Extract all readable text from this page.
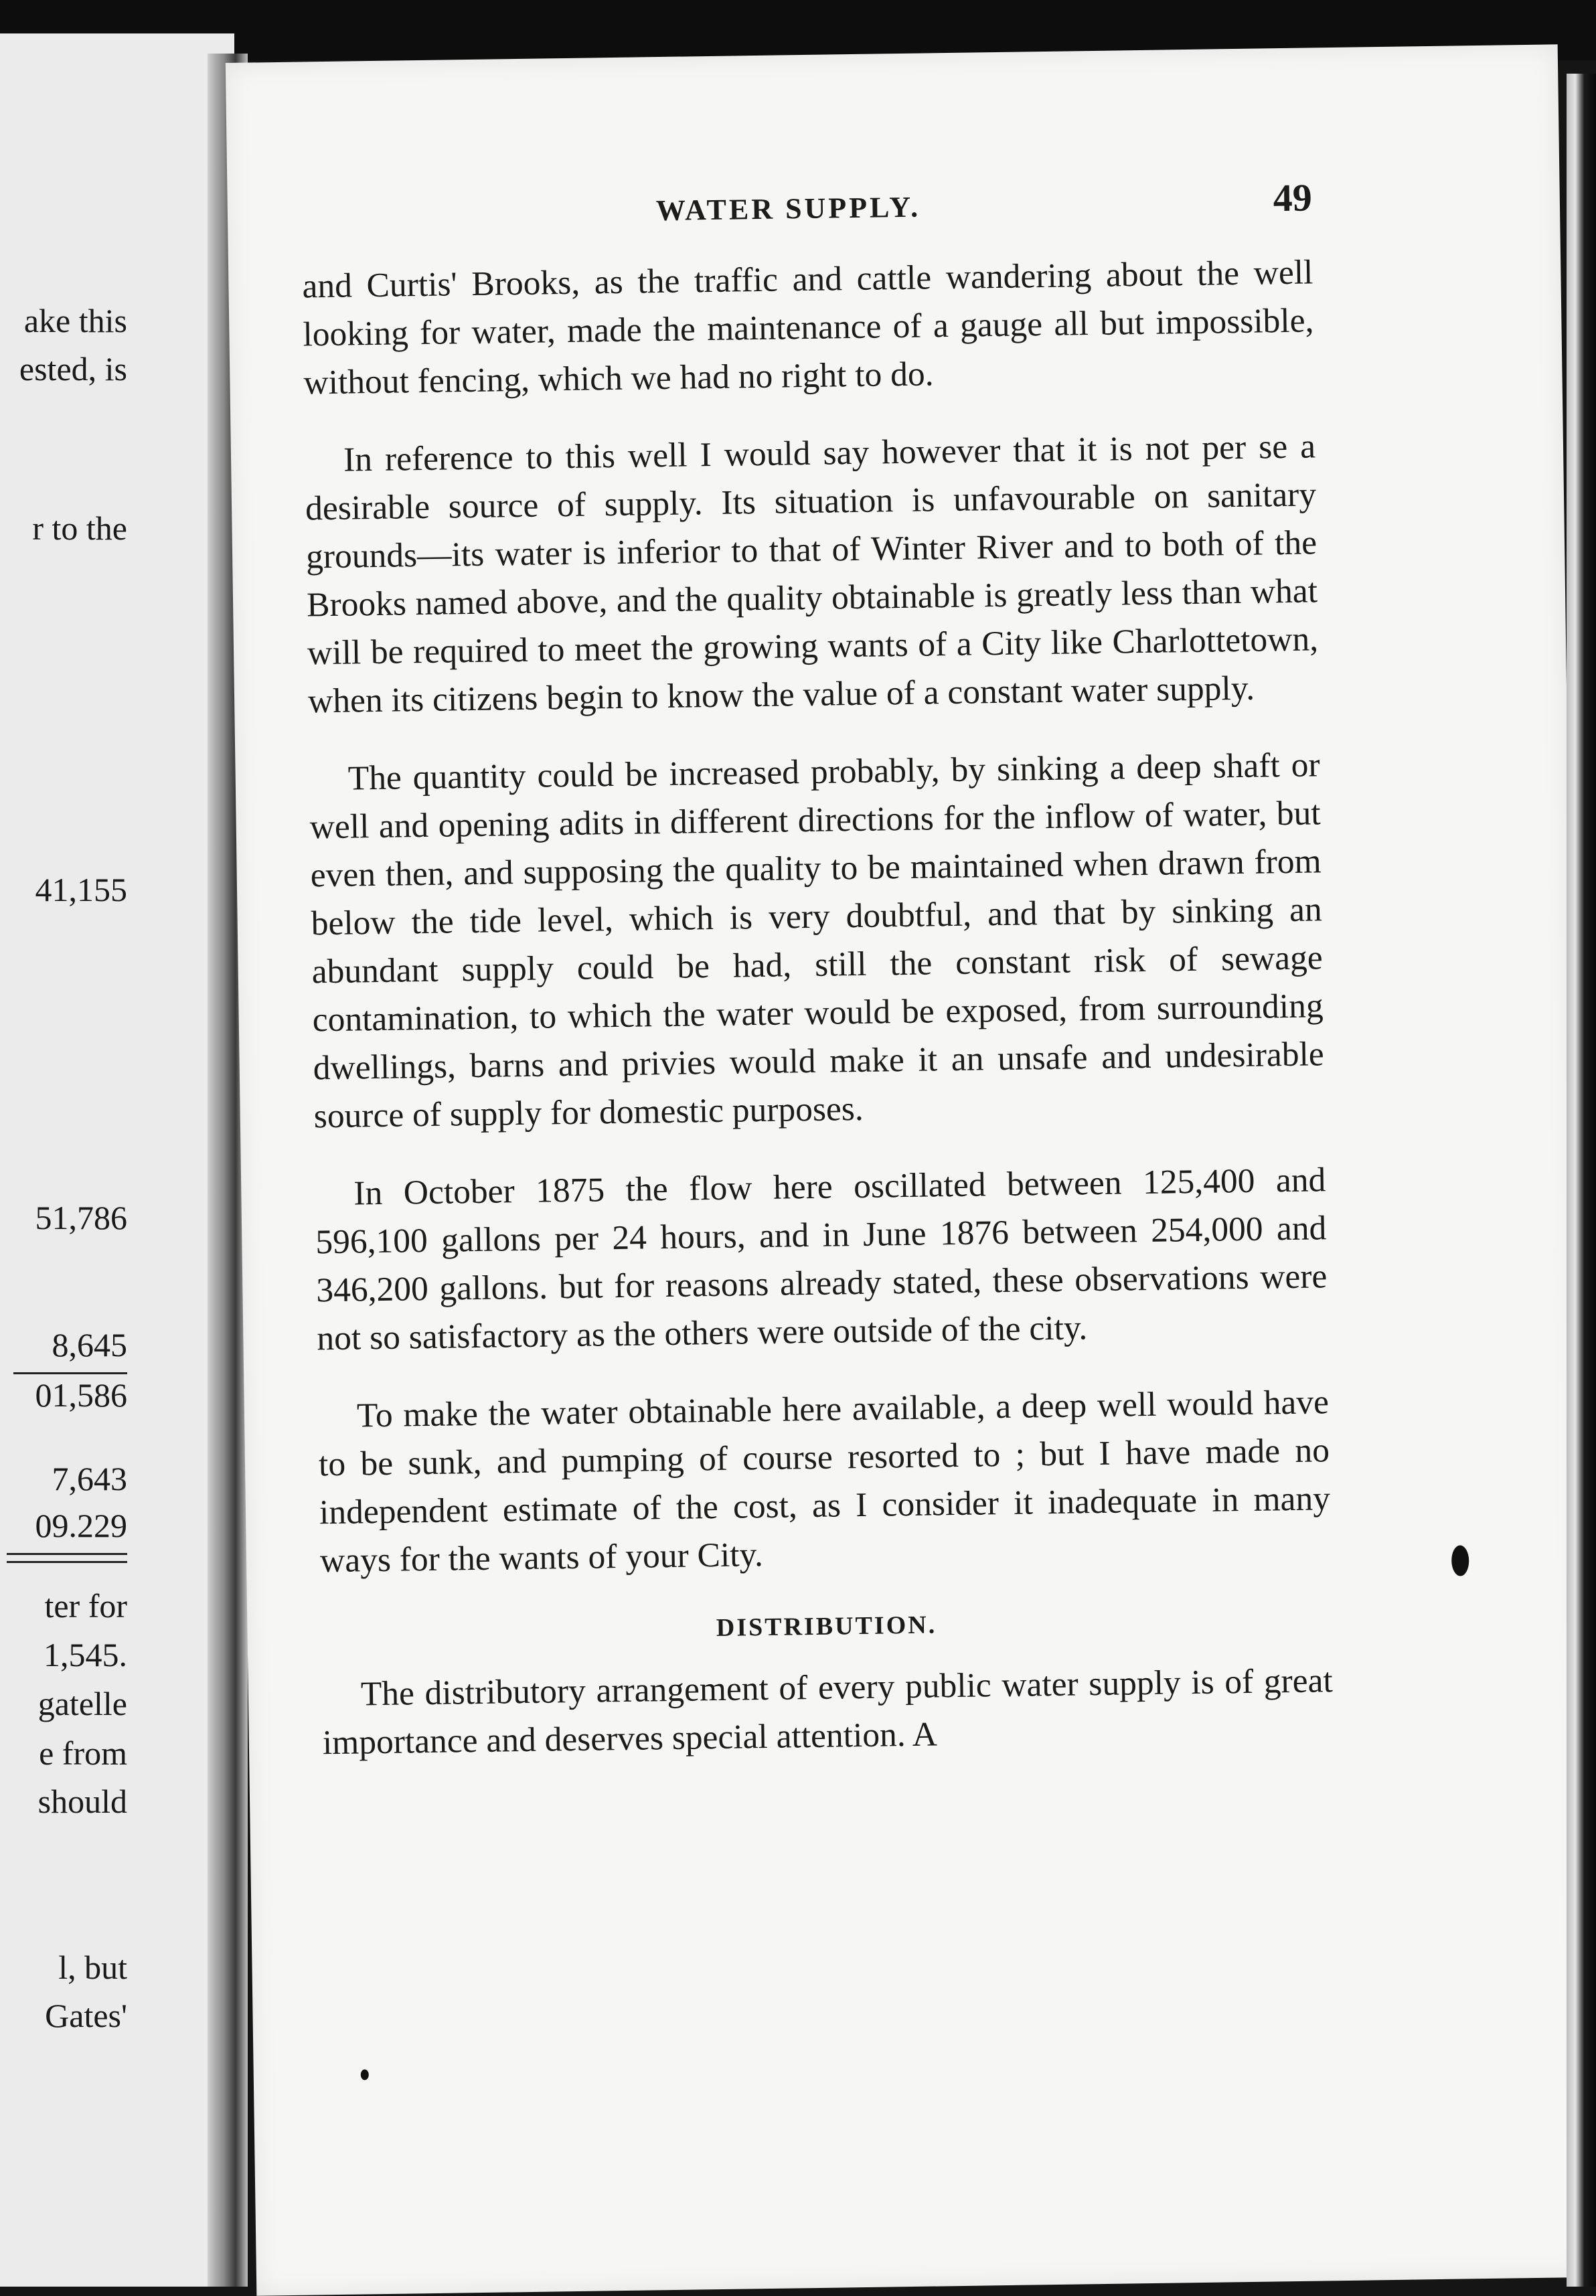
ake this
ested, is
r to the
41,155
51,786
8,645
01,586
7,643
09.229
ter for
1,545.
gatelle
e from
should
l, but
Gates'
WATER SUPPLY.	49

and Curtis' Brooks, as the traffic and cattle wandering about the well looking for water, made the maintenance of a gauge all but impossible, without fencing, which we had no right to do.

In reference to this well I would say however that it is not per se a desirable source of supply. Its situation is unfavourable on sanitary grounds—its water is inferior to that of Winter River and to both of the Brooks named above, and the quality obtainable is greatly less than what will be required to meet the growing wants of a City like Charlottetown, when its citizens begin to know the value of a constant water supply.

The quantity could be increased probably, by sinking a deep shaft or well and opening adits in different directions for the inflow of water, but even then, and supposing the quality to be maintained when drawn from below the tide level, which is very doubtful, and that by sinking an abundant supply could be had, still the constant risk of sewage contamination, to which the water would be exposed, from surrounding dwellings, barns and privies would make it an unsafe and undesirable source of supply for domestic purposes.

In October 1875 the flow here oscillated between 125,400 and 596,100 gallons per 24 hours, and in June 1876 between 254,000 and 346,200 gallons. but for reasons already stated, these observations were not so satisfactory as the others were outside of the city.

To make the water obtainable here available, a deep well would have to be sunk, and pumping of course resorted to ; but I have made no independent estimate of the cost, as I consider it inadequate in many ways for the wants of your City.

DISTRIBUTION.

The distributory arrangement of every public water supply is of great importance and deserves special attention. A
